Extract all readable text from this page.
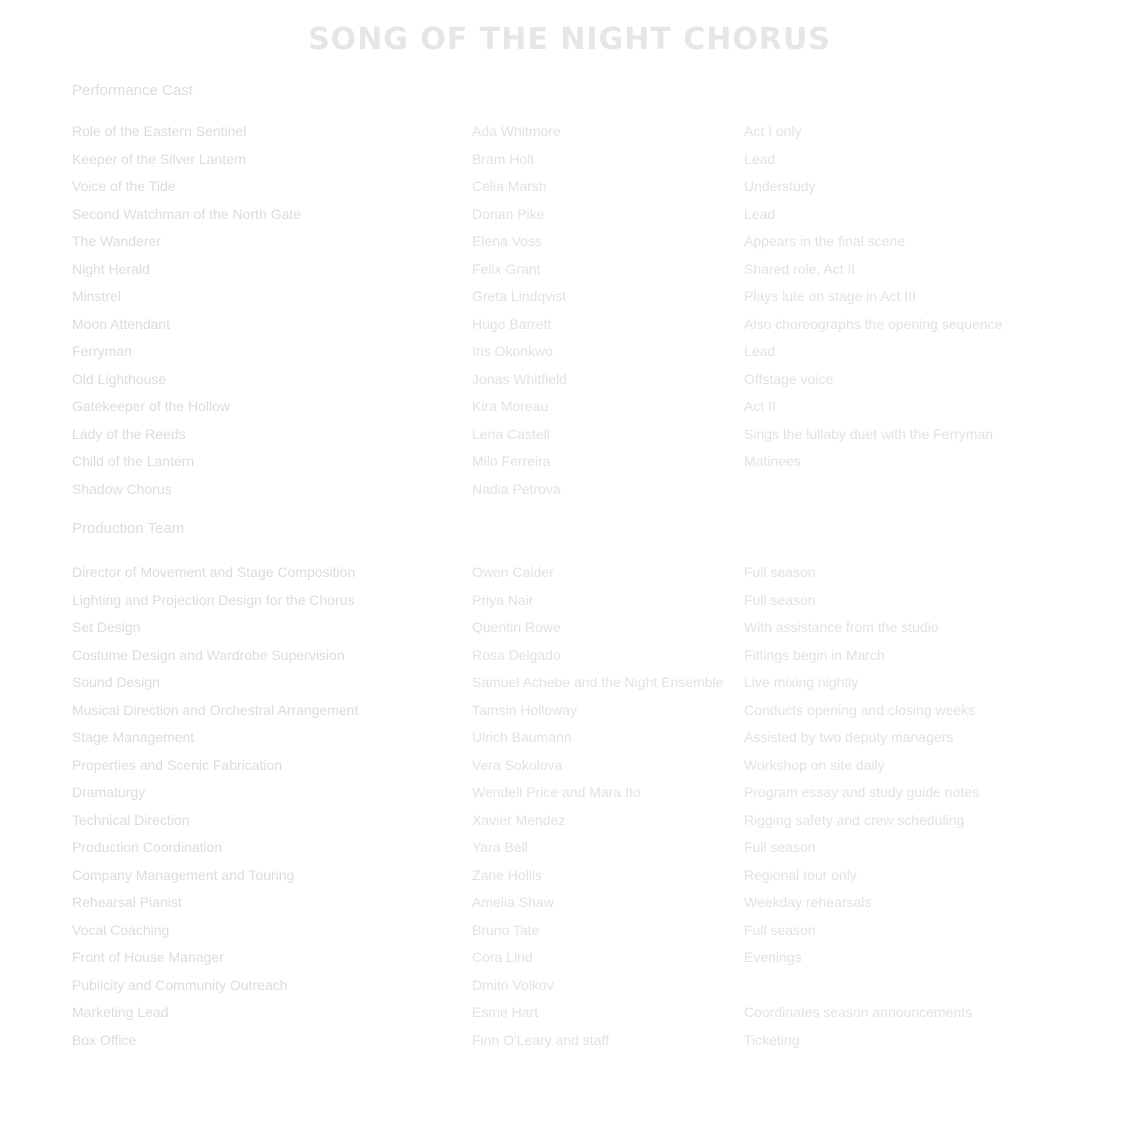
SONG OF THE NIGHT CHORUS
Performance Cast
Role of the Eastern Sentinel	Ada Whitmore	Act I only
Keeper of the Silver Lantern	Bram Holt	Lead
Voice of the Tide	Celia Marsh	Understudy
Second Watchman of the North Gate	Dorian Pike	Lead
The Wanderer	Elena Voss	Appears in the final scene
Night Herald	Felix Grant	Shared role, Act II
Minstrel	Greta Lindqvist	Plays lute on stage in Act III
Moon Attendant	Hugo Barrett	Also choreographs the opening sequence
Ferryman	Iris Okonkwo	Lead
Old Lighthouse	Jonas Whitfield	Offstage voice
Gatekeeper of the Hollow	Kira Moreau	Act II
Lady of the Reeds	Lena Castell	Sings the lullaby duet with the Ferryman
Child of the Lantern	Milo Ferreira	Matinees
Shadow Chorus	Nadia Petrova
Production Team
Director of Movement and Stage Composition	Owen Calder	Full season
Lighting and Projection Design for the Chorus	Priya Nair	Full season
Set Design	Quentin Rowe	With assistance from the studio
Costume Design and Wardrobe Supervision	Rosa Delgado	Fittings begin in March
Sound Design	Samuel Achebe and the Night Ensemble	Live mixing nightly
Musical Direction and Orchestral Arrangement	Tamsin Holloway	Conducts opening and closing weeks
Stage Management	Ulrich Baumann	Assisted by two deputy managers
Properties and Scenic Fabrication	Vera Sokolova	Workshop on site daily
Dramaturgy	Wendell Price and Mara Ito	Program essay and study guide notes
Technical Direction	Xavier Mendez	Rigging safety and crew scheduling
Production Coordination	Yara Bell	Full season
Company Management and Touring	Zane Hollis	Regional tour only
Rehearsal Pianist	Amelia Shaw	Weekday rehearsals
Vocal Coaching	Bruno Tate	Full season
Front of House Manager	Cora Lind	Evenings
Publicity and Community Outreach	Dmitri Volkov
Marketing Lead	Esme Hart	Coordinates season announcements
Box Office	Finn O'Leary and staff	Ticketing
